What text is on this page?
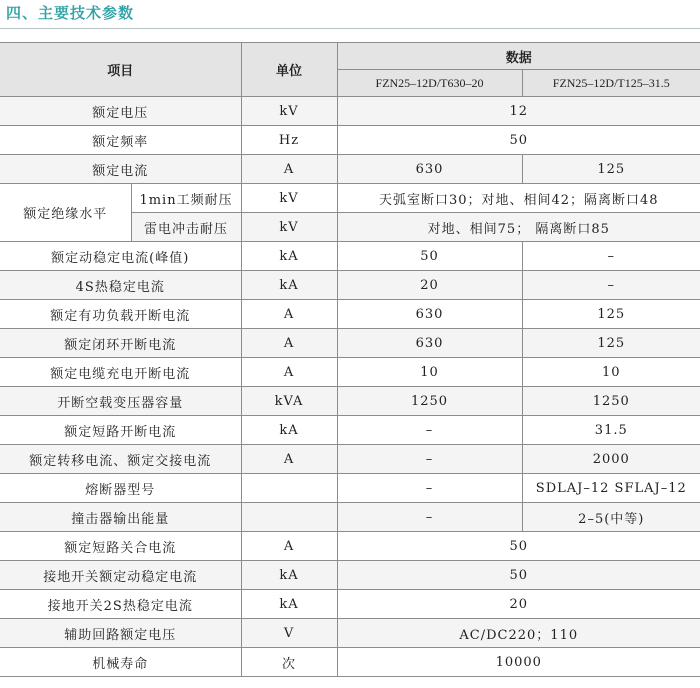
四、主要技术参数
项目		单位	数据	
			FZN25–12D/T630–20	FZN25–12D/T125–31.5
额定电压		kV	12	
额定频率		Hz	50	
额定电流		A	630	125
额定绝缘水平	1min工频耐压	kV	天弧室断口30；对地、相间42；隔离断口48	
	雷电冲击耐压	kV	对地、相间75； 隔离断口85	
额定动稳定电流(峰值)		kA	50	–
4S热稳定电流		kA	20	–
额定有功负载开断电流		A	630	125
额定闭环开断电流		A	630	125
额定电缆充电开断电流		A	10	10
开断空载变压器容量		kVA	1250	1250
额定短路开断电流		kA	–	31.5
额定转移电流、额定交接电流		A	–	2000
熔断器型号			–	SDLAJ–12 SFLAJ–12
撞击器输出能量			–	2–5(中等)
额定短路关合电流		A	50	
接地开关额定动稳定电流		kA	50	
接地开关2S热稳定电流		kA	20	
辅助回路额定电压		V	AC/DC220；110	
机械寿命		次	10000	
